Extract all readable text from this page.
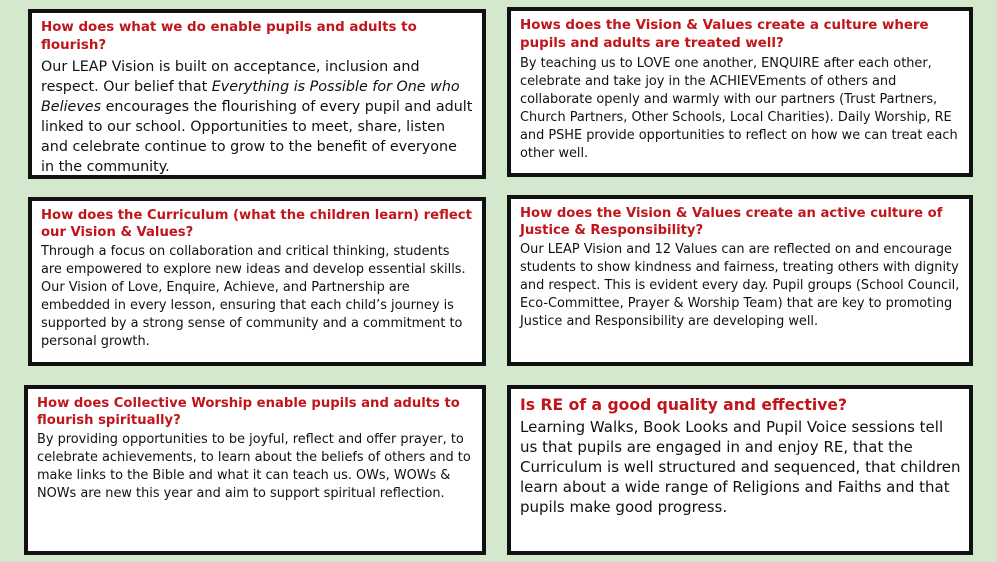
How does what we do enable pupils and adults to flourish?

Our LEAP Vision is built on acceptance, inclusion and respect. Our belief that Everything is Possible for One who Believes encourages the flourishing of every pupil and adult linked to our school. Opportunities to meet, share, listen and celebrate continue to grow to the benefit of everyone in the community.

Hows does the Vision & Values create a culture where pupils and adults are treated well?

By teaching us to LOVE one another, ENQUIRE after each other, celebrate and take joy in the ACHIEVEments of others and collaborate openly and warmly with our partners (Trust Partners, Church Partners, Other Schools, Local Charities). Daily Worship, RE and PSHE provide opportunities to reflect on how we can treat each other well.

How does the Curriculum (what the children learn) reflect our Vision & Values?

Through a focus on collaboration and critical thinking, students are empowered to explore new ideas and develop essential skills. Our Vision of Love, Enquire, Achieve, and Partnership are embedded in every lesson, ensuring that each child’s journey is supported by a strong sense of community and a commitment to personal growth.

How does the Vision & Values create an active culture of Justice & Responsibility?

Our LEAP Vision and 12 Values can are reflected on and encourage students to show kindness and fairness, treating others with dignity and respect. This is evident every day. Pupil groups (School Council, Eco-Committee, Prayer & Worship Team) that are key to promoting Justice and Responsibility are developing well.

How does Collective Worship enable pupils and adults to flourish spiritually?

By providing opportunities to be joyful, reflect and offer prayer, to celebrate achievements, to learn about the beliefs of others and to make links to the Bible and what it can teach us. OWs, WOWs & NOWs are new this year and aim to support spiritual reflection.

Is RE of a good quality and effective?

Learning Walks, Book Looks and Pupil Voice sessions tell us that pupils are engaged in and enjoy RE, that the Curriculum is well structured and sequenced, that children learn about a wide range of Religions and Faiths and that pupils make good progress.
